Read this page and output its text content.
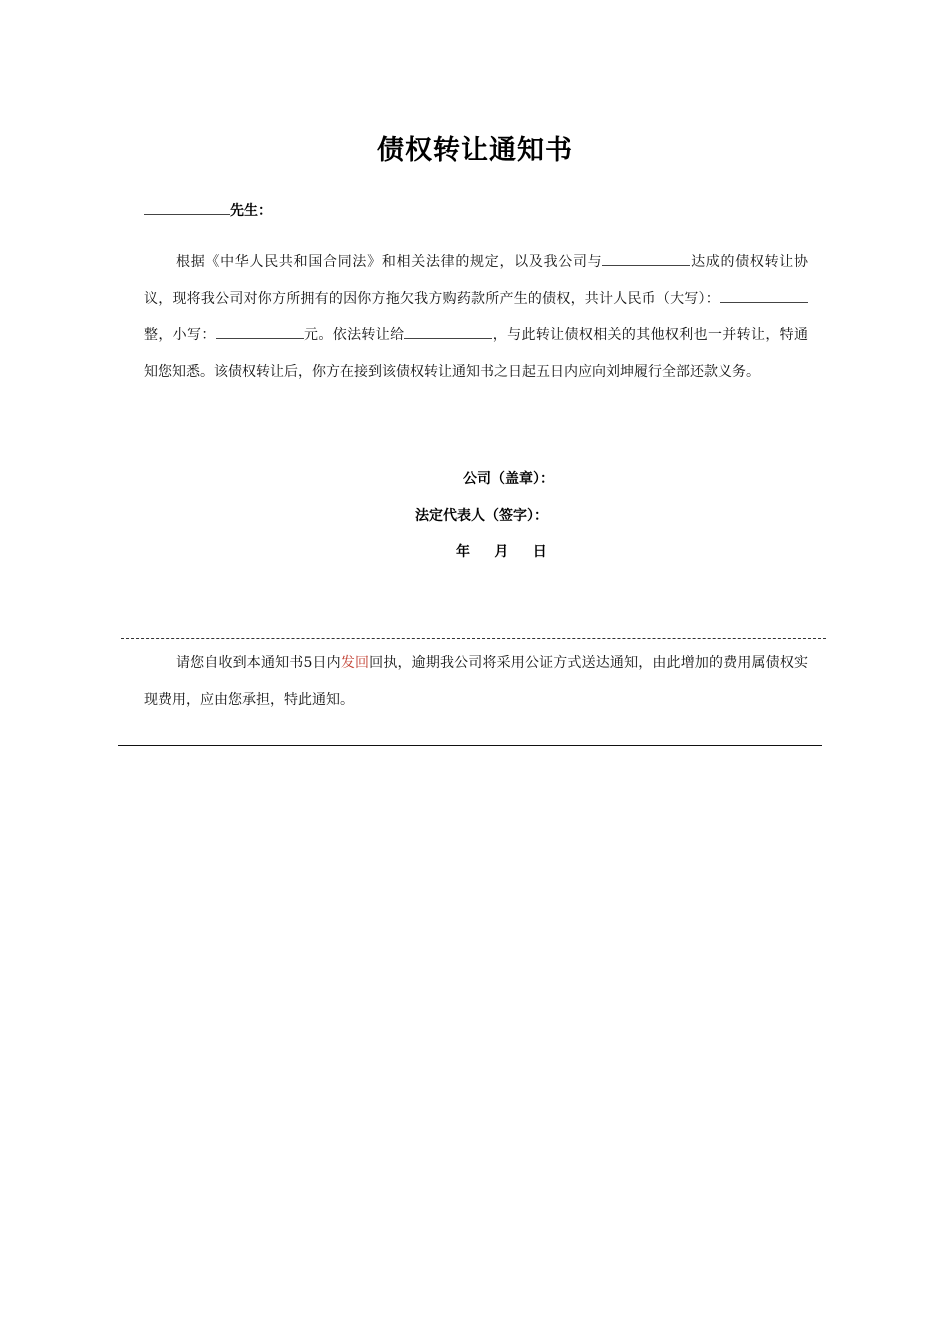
债权转让通知书
先生：

根据《中华人民共和国合同法》和相关法律的规定，以及我公司与	达成的债权转让协议，现将我公司对你方所拥有的因你方拖欠我方购药款所产生的债权，共计人民币（大写）：整，小写：	元。依法转让给	，与此转让债权相关的其他权利也一并转让，特通知您知悉。该债权转让后，你方在接到该债权转让通知书之日起五日内应向刘坤履行全部还款义务。

公司（盖章）：
法定代表人（签字）：
年     月     日

请您自收到本通知书5日内发回回执，逾期我公司将采用公证方式送达通知，由此增加的费用属债权实现费用，应由您承担，特此通知。
